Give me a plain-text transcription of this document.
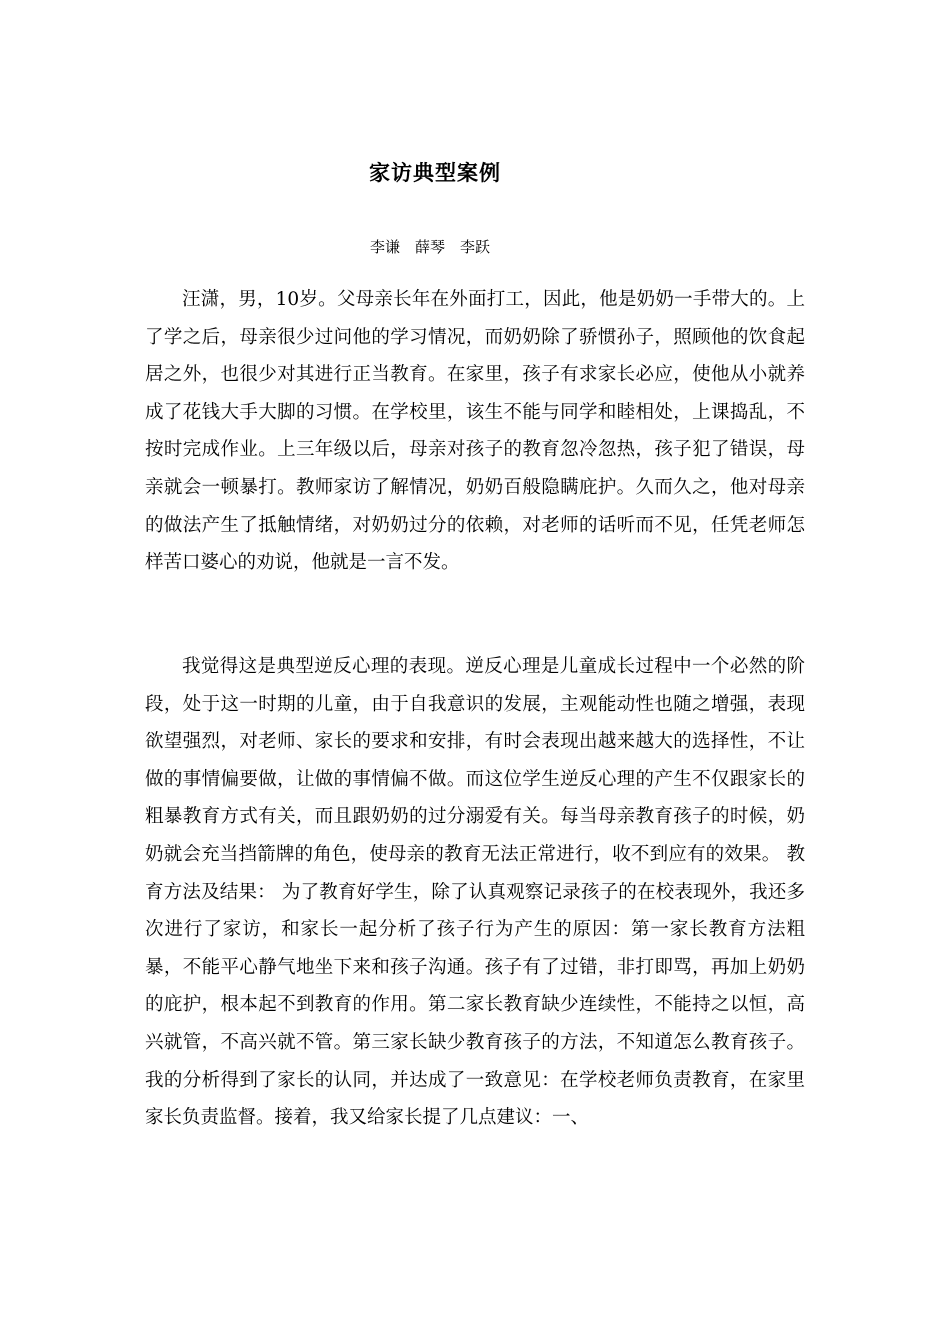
家访典型案例
李谦　薛琴　李跃

汪潇，男，10岁。父母亲长年在外面打工，因此，他是奶奶一手带大的。上了学之后，母亲很少过问他的学习情况，而奶奶除了骄惯孙子，照顾他的饮食起居之外，也很少对其进行正当教育。在家里，孩子有求家长必应，使他从小就养成了花钱大手大脚的习惯。在学校里，该生不能与同学和睦相处，上课捣乱，不按时完成作业。上三年级以后，母亲对孩子的教育忽冷忽热，孩子犯了错误，母亲就会一顿暴打。教师家访了解情况，奶奶百般隐瞒庇护。久而久之，他对母亲的做法产生了抵触情绪，对奶奶过分的依赖，对老师的话听而不见，任凭老师怎样苦口婆心的劝说，他就是一言不发。

我觉得这是典型逆反心理的表现。逆反心理是儿童成长过程中一个必然的阶段，处于这一时期的儿童，由于自我意识的发展，主观能动性也随之增强，表现欲望强烈，对老师、家长的要求和安排，有时会表现出越来越大的选择性，不让做的事情偏要做，让做的事情偏不做。而这位学生逆反心理的产生不仅跟家长的粗暴教育方式有关，而且跟奶奶的过分溺爱有关。每当母亲教育孩子的时候，奶奶就会充当挡箭牌的角色，使母亲的教育无法正常进行，收不到应有的效果。 教育方法及结果： 为了教育好学生，除了认真观察记录孩子的在校表现外，我还多次进行了家访，和家长一起分析了孩子行为产生的原因：第一家长教育方法粗暴，不能平心静气地坐下来和孩子沟通。孩子有了过错，非打即骂，再加上奶奶的庇护，根本起不到教育的作用。第二家长教育缺少连续性，不能持之以恒，高兴就管，不高兴就不管。第三家长缺少教育孩子的方法，不知道怎么教育孩子。我的分析得到了家长的认同，并达成了一致意见：在学校老师负责教育，在家里家长负责监督。接着，我又给家长提了几点建议：一、
